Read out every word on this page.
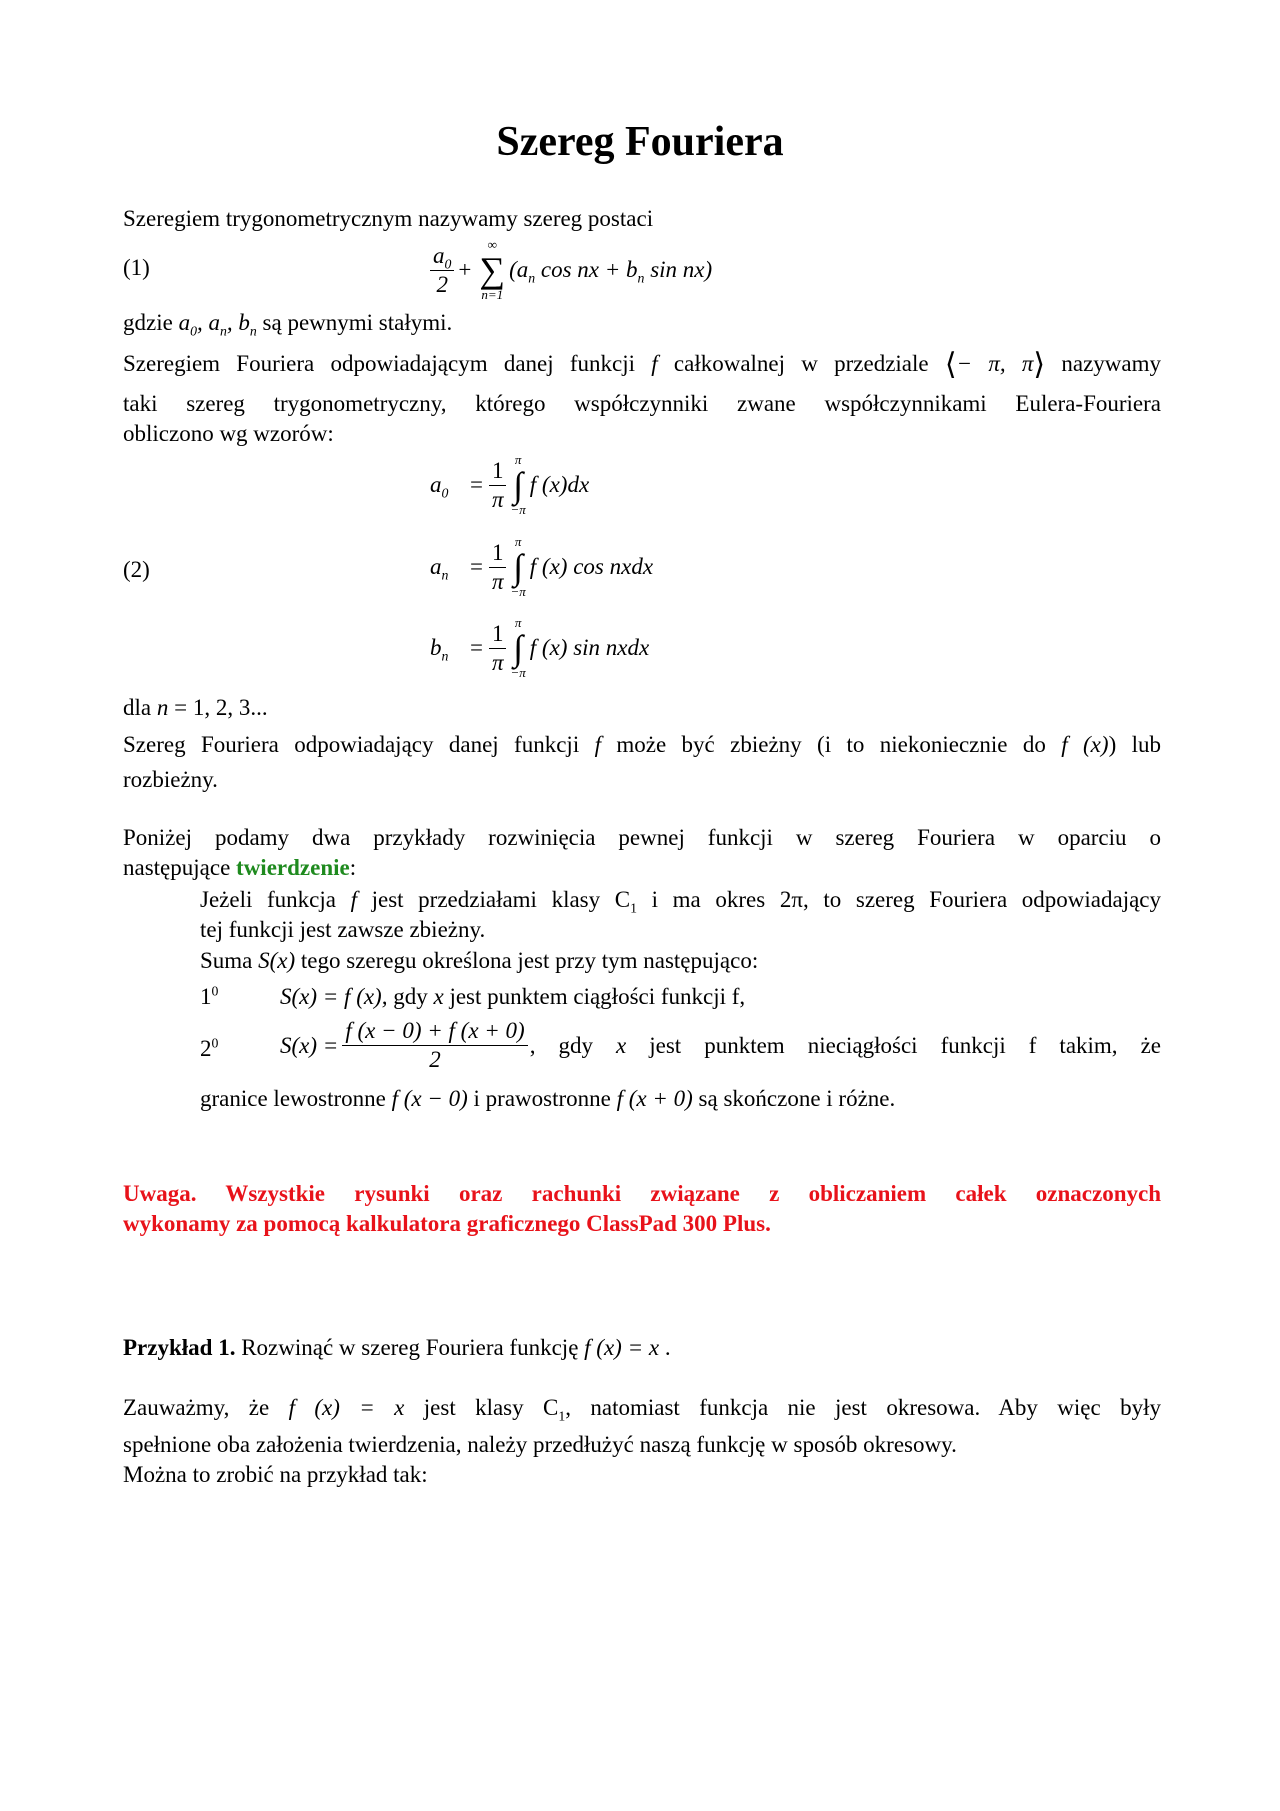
Szereg Fouriera
Szeregiem trygonometrycznym nazywamy szereg postaci
(1)	$\frac{a_0}{2}$ +
∞
∑
n=1
($a_n$ cos nx + $b_n$ sin nx)
gdzie $a_0$, $a_n$, $b_n$ są pewnymi stałymi.
Szeregiem Fouriera odpowiadającym danej funkcji f całkowalnej w przedziale ⟨− π, π⟩ nazywamy
taki szereg trygonometryczny, którego współczynniki zwane współczynnikami Eulera-Fouriera
obliczono wg wzorów:
(2)
$a_0 = \frac{1}{\pi}$ π
∫
−π
f (x)dx
$a_n = \frac{1}{\pi}$ π
∫
−π
f (x) cos nxdx
$b_n = \frac{1}{\pi}$ π
∫
−π
f (x) sin nxdx
dla n = 1, 2, 3...
Szereg Fouriera odpowiadający danej funkcji f może być zbieżny (i to niekoniecznie do f (x)) lub
rozbieżny.
Poniżej podamy dwa przykłady rozwinięcia pewnej funkcji w szereg Fouriera w oparciu o
następujące twierdzenie:
Jeżeli funkcja f jest przedziałami klasy $C_1$ i ma okres 2π, to szereg Fouriera odpowiadający
tej funkcji jest zawsze zbieżny.
Suma S(x) tego szeregu określona jest przy tym następująco:
$1^0$	S(x) = f (x), gdy x jest punktem ciągłości funkcji f,
$2^0$	$S(x) = \frac{f (x - 0) + f (x + 0)}{2}$ , gdy x jest punktem nieciągłości funkcji f takim, że
granice lewostronne f (x − 0) i prawostronne f (x + 0) są skończone i różne.
Uwaga. Wszystkie rysunki oraz rachunki związane z obliczaniem całek oznaczonych
wykonamy za pomocą kalkulatora graficznego ClassPad 300 Plus.
Przykład 1. Rozwinąć w szereg Fouriera funkcję f (x) = x .
Zauważmy, że f (x) = x jest klasy $C_1$, natomiast funkcja nie jest okresowa. Aby więc były
spełnione oba założenia twierdzenia, należy przedłużyć naszą funkcję w sposób okresowy.
Można to zrobić na przykład tak:
